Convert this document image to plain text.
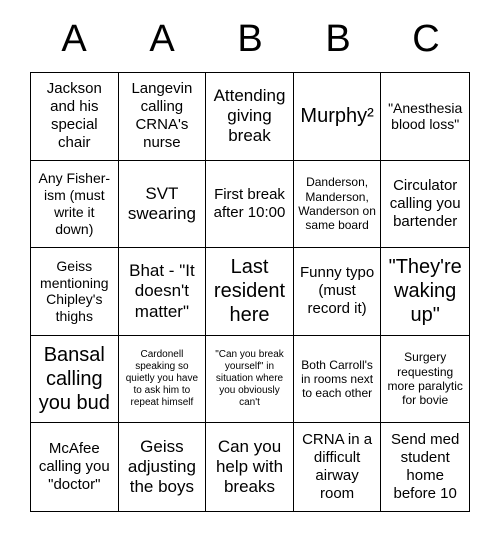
A	A	B	B	C
Jackson and his special chair
Langevin calling CRNA's nurse
Attending giving break
Murphy² "Anesthesia blood loss"
Any Fisher-ism (must write it down)
SVT swearing
First break after 10:00
Danderson, Manderson, Wanderson on same board
Circulator calling you bartender
Geiss mentioning Chipley's thighs
Bhat - "It doesn't matter"
Last resident here
Funny typo (must record it)
"They're waking up"
Bansal calling you bud
Cardonell speaking so quietly you have to ask him to repeat himself
"Can you break yourself" in situation where you obviously can't
Both Carroll's in rooms next to each other
Surgery requesting more paralytic for bovie
McAfee calling you "doctor"
Geiss adjusting the boys
Can you help with breaks
CRNA in a difficult airway room
Send med student home before 10
